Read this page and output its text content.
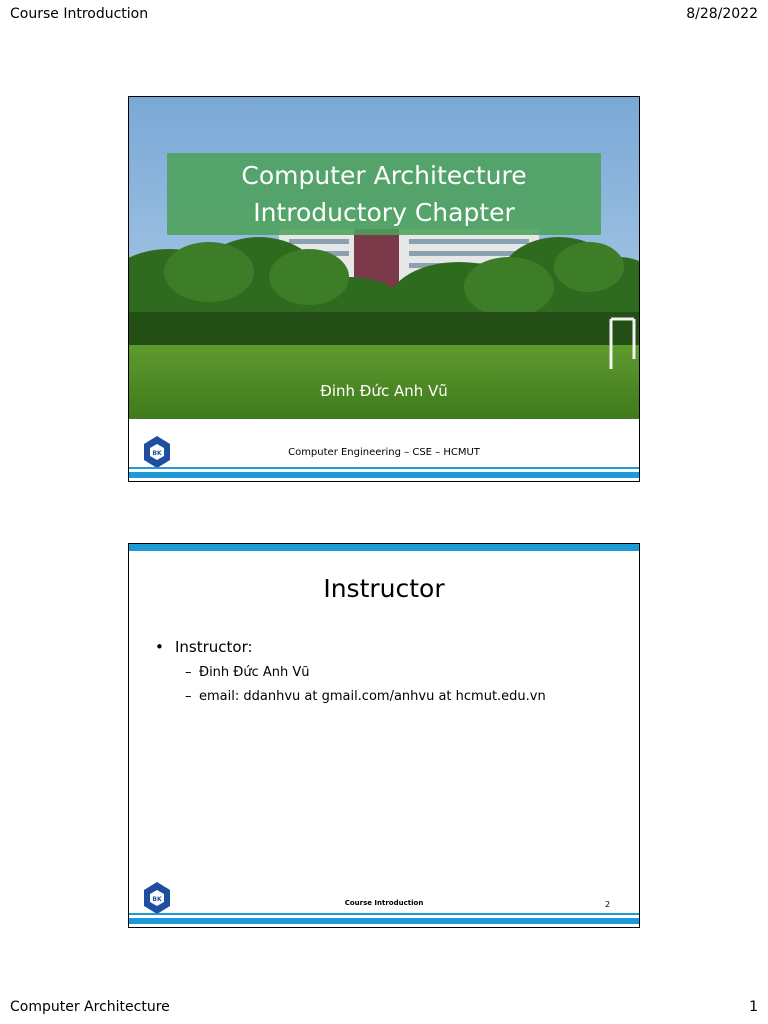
Course Introduction	8/28/2022
Computer Architecture
Introductory Chapter
Đinh Đức Anh Vũ
BK	Computer Engineering – CSE – HCMUT
Instructor
• Instructor:
– Đinh Đức Anh Vũ
– email: ddanhvu at gmail.com/anhvu at hcmut.edu.vn
BK	Course Introduction	2
Computer Architecture	1
